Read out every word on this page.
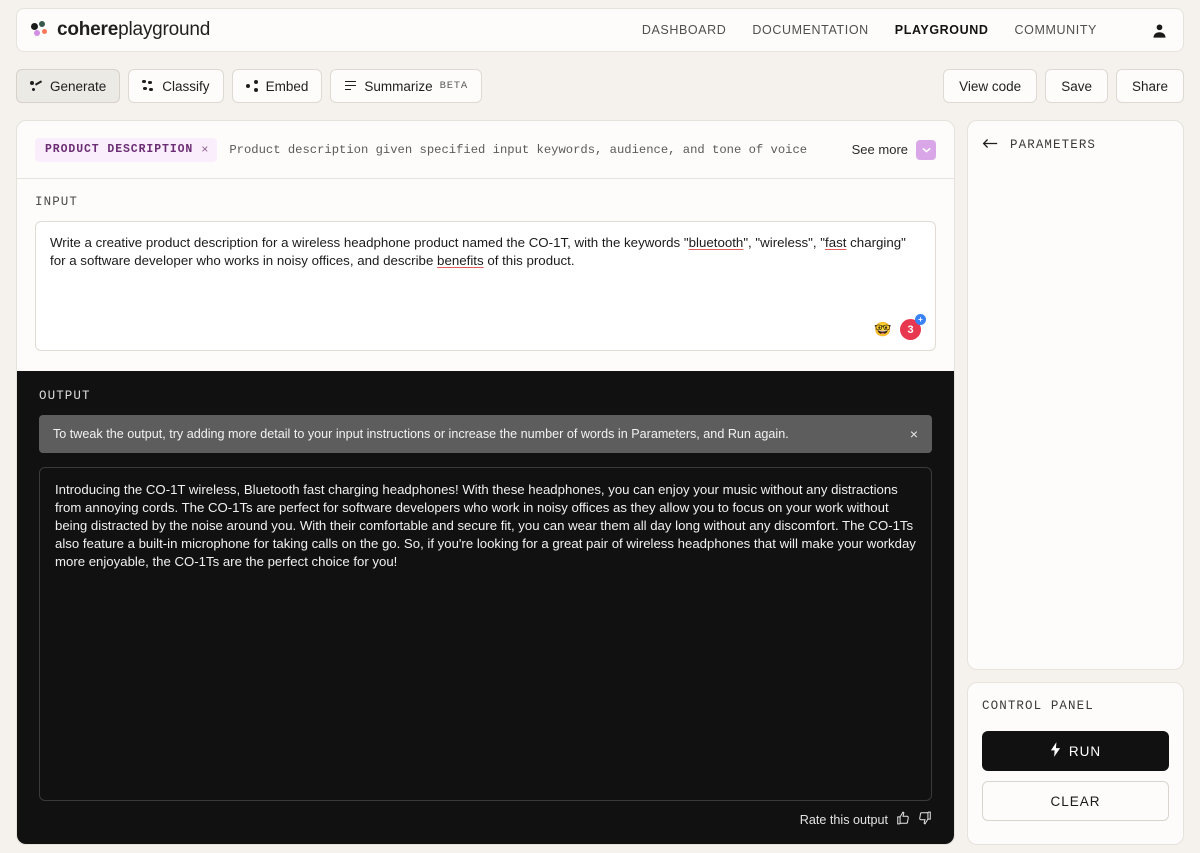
cohereplayground	DASHBOARD DOCUMENTATION PLAYGROUND COMMUNITY
Generate	Classify	Embed	Summarize BETA	View code	Save	Share
PRODUCT DESCRIPTION × Product description given specified input keywords, audience, and tone of voice	See more
INPUT
Write a creative product description for a wireless headphone product named the CO-1T, with the keywords "bluetooth", "wireless", "fast charging" for a software developer who works in noisy offices, and describe benefits of this product.
🤓 3
+
OUTPUT
To tweak the output, try adding more detail to your input instructions or increase the number of words in Parameters, and Run again.	×
Introducing the CO-1T wireless, Bluetooth fast charging headphones! With these headphones, you can enjoy your music without any distractions from annoying cords. The CO-1Ts are perfect for software developers who work in noisy offices as they allow you to focus on your work without being distracted by the noise around you. With their comfortable and secure fit, you can wear them all day long without any discomfort. The CO-1Ts also feature a built-in microphone for taking calls on the go. So, if you're looking for a great pair of wireless headphones that will make your workday more enjoyable, the CO-1Ts are the perfect choice for you!
Rate this output
PARAMETERS
CONTROL PANEL
RUN
CLEAR
